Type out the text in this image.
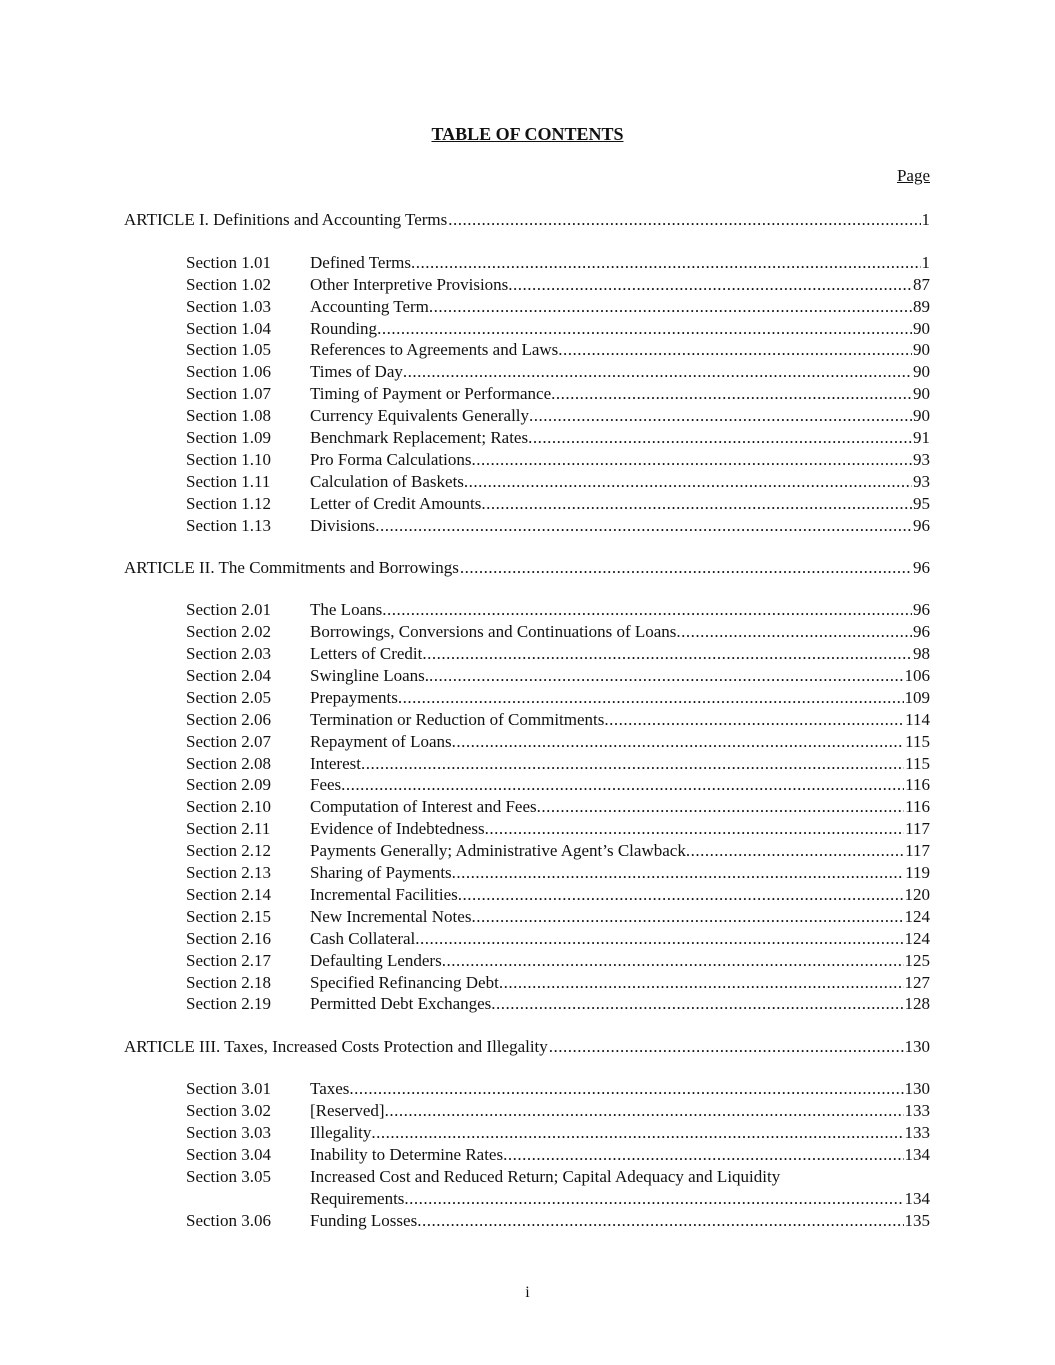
TABLE OF CONTENTS
Page
ARTICLE I. Definitions and Accounting Terms .....	1
Section 1.01 Defined Terms .....	1
Section 1.02 Other Interpretive Provisions .....	87
Section 1.03 Accounting Term .....	89
Section 1.04 Rounding .....	90
Section 1.05 References to Agreements and Laws .....	90
Section 1.06 Times of Day .....	90
Section 1.07 Timing of Payment or Performance .....	90
Section 1.08 Currency Equivalents Generally .....	90
Section 1.09 Benchmark Replacement; Rates .....	91
Section 1.10 Pro Forma Calculations .....	93
Section 1.11 Calculation of Baskets .....	93
Section 1.12 Letter of Credit Amounts .....	95
Section 1.13 Divisions .....	96
ARTICLE II. The Commitments and Borrowings .....	96
Section 2.01 The Loans .....	96
Section 2.02 Borrowings, Conversions and Continuations of Loans .....	96
Section 2.03 Letters of Credit .....	98
Section 2.04 Swingline Loans. .....	106
Section 2.05 Prepayments .....	109
Section 2.06 Termination or Reduction of Commitments .....	114
Section 2.07 Repayment of Loans .....	115
Section 2.08 Interest .....	115
Section 2.09 Fees .....	116
Section 2.10 Computation of Interest and Fees .....	116
Section 2.11 Evidence of Indebtedness .....	117
Section 2.12 Payments Generally; Administrative Agent’s Clawback .....	117
Section 2.13 Sharing of Payments .....	119
Section 2.14 Incremental Facilities .....	120
Section 2.15 New Incremental Notes .....	124
Section 2.16 Cash Collateral .....	124
Section 2.17 Defaulting Lenders .....	125
Section 2.18 Specified Refinancing Debt .....	127
Section 2.19 Permitted Debt Exchanges .....	128
ARTICLE III. Taxes, Increased Costs Protection and Illegality .....	130
Section 3.01 Taxes .....	130
Section 3.02 [Reserved] .....	133
Section 3.03 Illegality .....	133
Section 3.04 Inability to Determine Rates .....	134
Section 3.05 Increased Cost and Reduced Return; Capital Adequacy and Liquidity
Requirements .....	134
Section 3.06 Funding Losses .....	135
i
